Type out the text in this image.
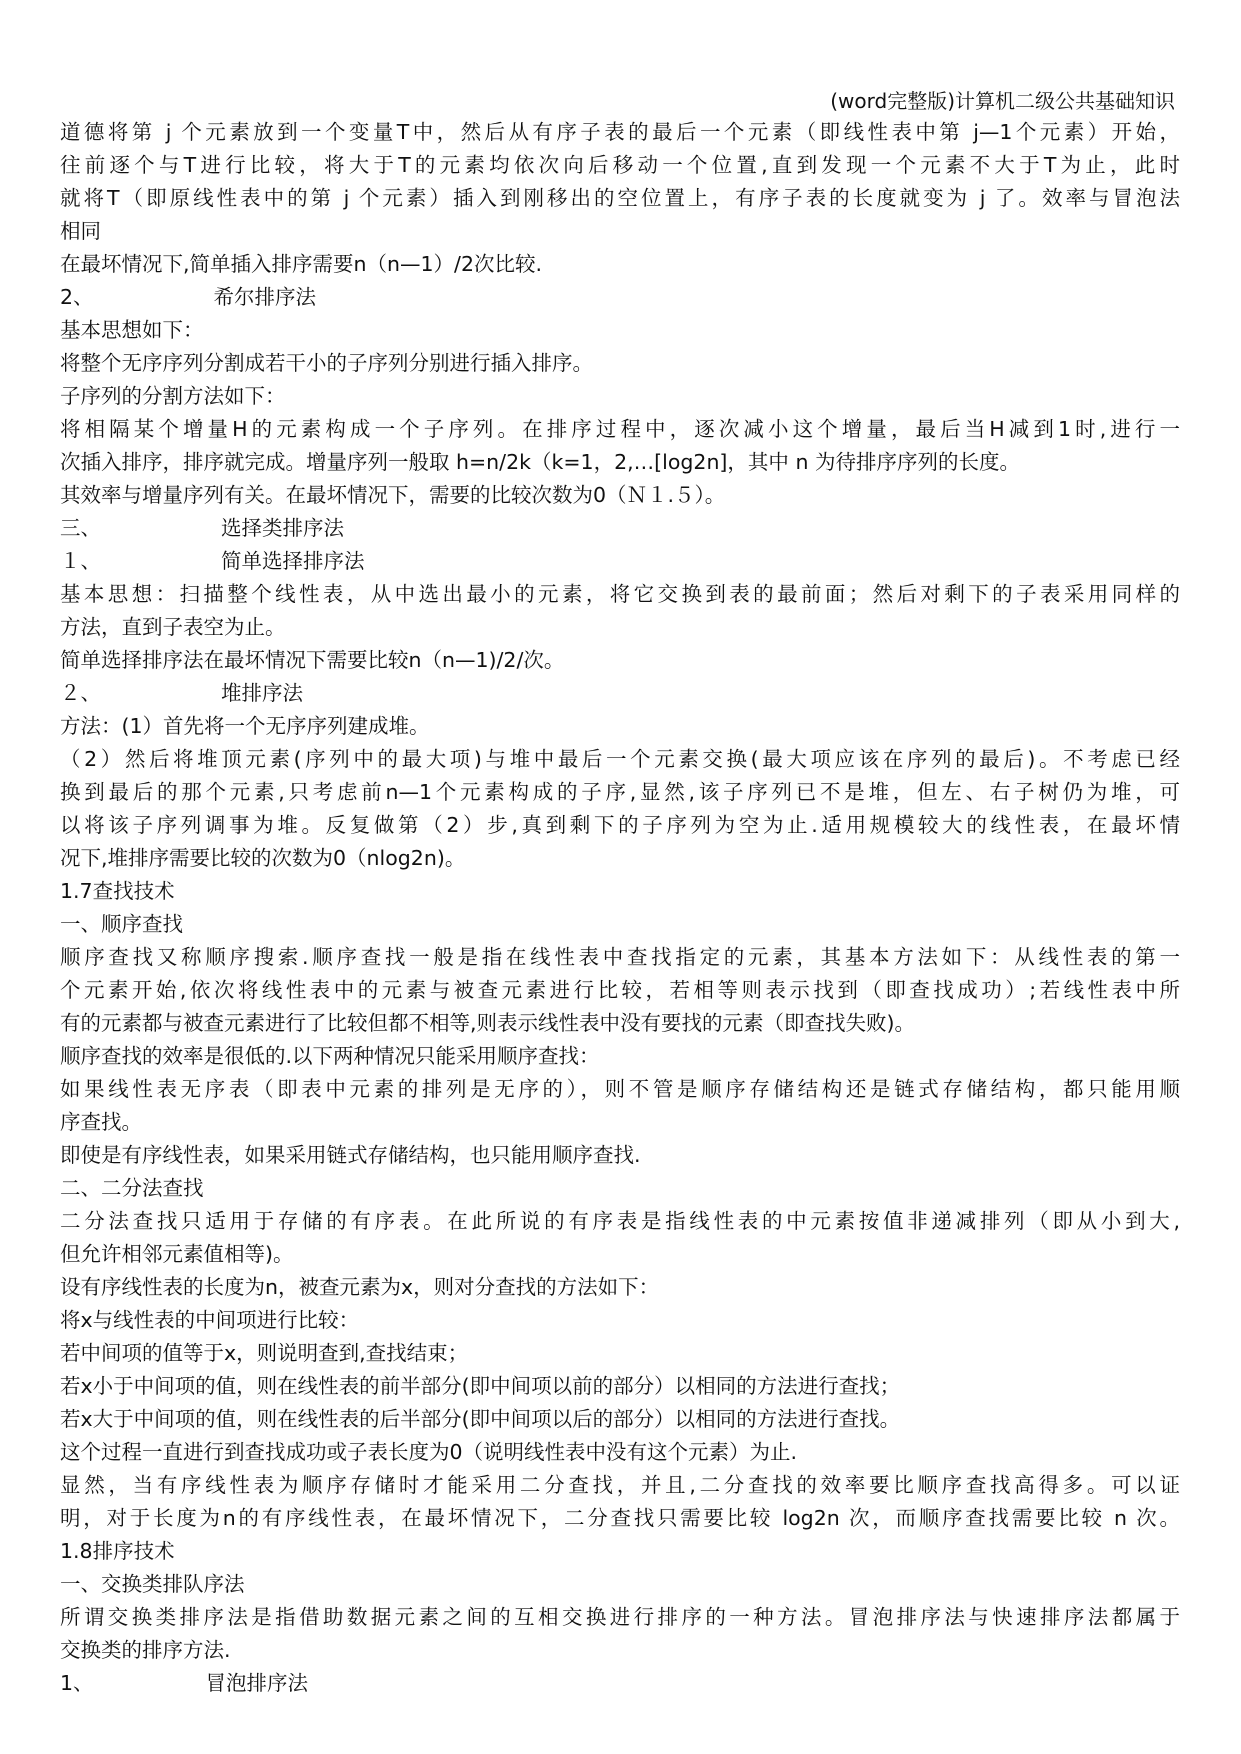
(word完整版)计算机二级公共基础知识
道德将第 j 个元素放到一个变量T中，然后从有序子表的最后一个元素（即线性表中第 j—1个元素）开始，
往前逐个与T进行比较，将大于T的元素均依次向后移动一个位置,直到发现一个元素不大于T为止，此时
就将T（即原线性表中的第 j 个元素）插入到刚移出的空位置上，有序子表的长度就变为 j 了。效率与冒泡法
相同
在最坏情况下,简单插入排序需要n（n—1）/2次比较.
2、	希尔排序法
基本思想如下：
将整个无序序列分割成若干小的子序列分别进行插入排序。
子序列的分割方法如下：
将相隔某个增量H的元素构成一个子序列。在排序过程中，逐次减小这个增量，最后当H减到1时,进行一
次插入排序，排序就完成。增量序列一般取 h=n/2k（k=1，2,…[log2n]，其中 n 为待排序序列的长度。
其效率与增量序列有关。在最坏情况下，需要的比较次数为0（Ｎ１.５）。
三、	选择类排序法
１、	简单选择排序法
基本思想：扫描整个线性表，从中选出最小的元素，将它交换到表的最前面；然后对剩下的子表采用同样的
方法，直到子表空为止。
简单选择排序法在最坏情况下需要比较n（n—1)/2/次。
２、	堆排序法
方法：(1）首先将一个无序序列建成堆。
（2）然后将堆顶元素(序列中的最大项)与堆中最后一个元素交换(最大项应该在序列的最后)。不考虑已经
换到最后的那个元素,只考虑前n—1个元素构成的子序,显然,该子序列已不是堆，但左、右子树仍为堆，可
以将该子序列调事为堆。反复做第（2）步,真到剩下的子序列为空为止.适用规模较大的线性表，在最坏情
况下,堆排序需要比较的次数为0（nlog2n)。
1.7查找技术
一、顺序查找
顺序查找又称顺序搜索.顺序查找一般是指在线性表中查找指定的元素，其基本方法如下：从线性表的第一
个元素开始,依次将线性表中的元素与被查元素进行比较，若相等则表示找到（即查找成功）;若线性表中所
有的元素都与被查元素进行了比较但都不相等,则表示线性表中没有要找的元素（即查找失败)。
顺序查找的效率是很低的.以下两种情况只能采用顺序查找：
如果线性表无序表（即表中元素的排列是无序的），则不管是顺序存储结构还是链式存储结构，都只能用顺
序查找。
即使是有序线性表，如果采用链式存储结构，也只能用顺序查找.
二、二分法查找
二分法查找只适用于存储的有序表。在此所说的有序表是指线性表的中元素按值非递减排列（即从小到大,
但允许相邻元素值相等)。
设有序线性表的长度为n，被查元素为x，则对分查找的方法如下：
将x与线性表的中间项进行比较：
若中间项的值等于x，则说明查到,查找结束；
若x小于中间项的值，则在线性表的前半部分(即中间项以前的部分）以相同的方法进行查找；
若x大于中间项的值，则在线性表的后半部分(即中间项以后的部分）以相同的方法进行查找。
这个过程一直进行到查找成功或子表长度为0（说明线性表中没有这个元素）为止.
显然，当有序线性表为顺序存储时才能采用二分查找，并且,二分查找的效率要比顺序查找高得多。可以证
明，对于长度为n的有序线性表，在最坏情况下，二分查找只需要比较 log2n 次，而顺序查找需要比较 n 次。
1.8排序技术
一、交换类排队序法
所谓交换类排序法是指借助数据元素之间的互相交换进行排序的一种方法。冒泡排序法与快速排序法都属于
交换类的排序方法.
1、	冒泡排序法
